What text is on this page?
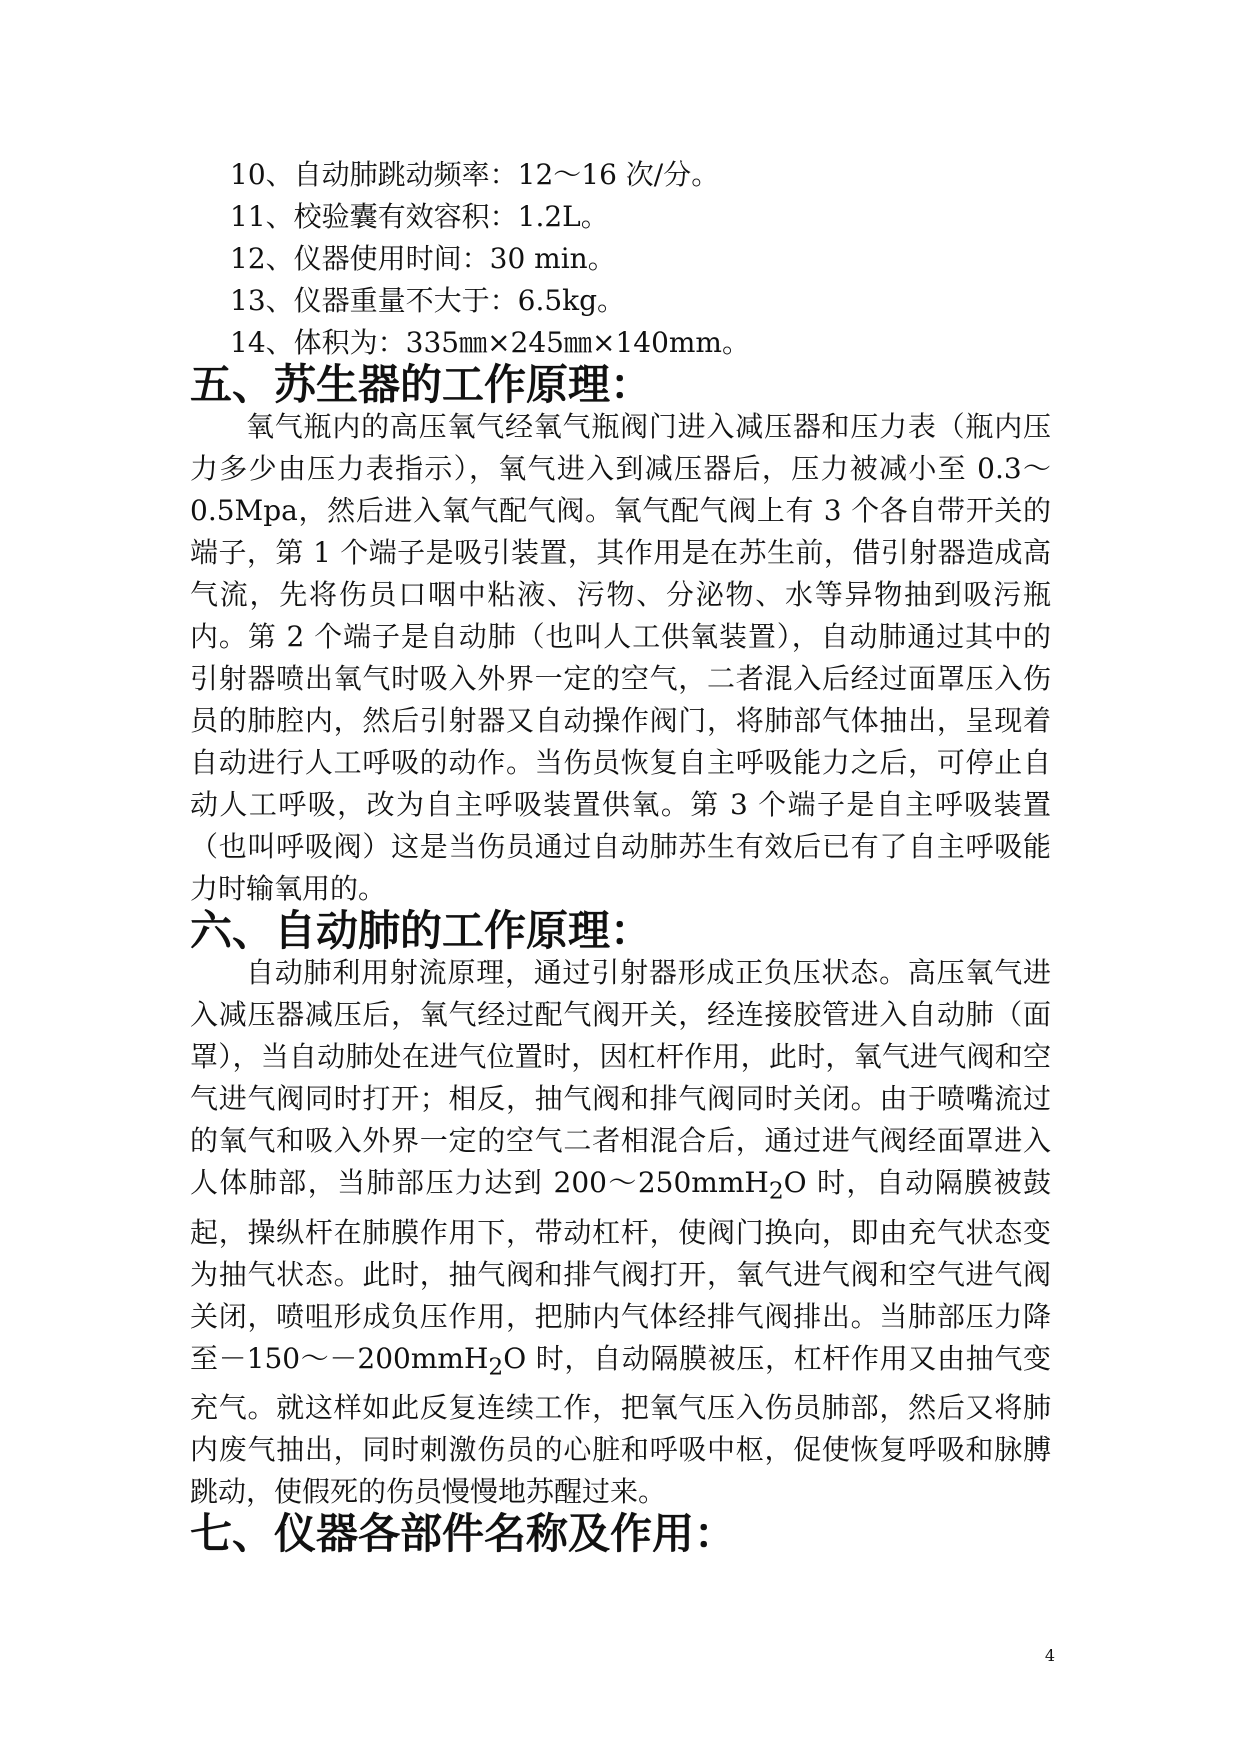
10、自动肺跳动频率：12～16 次/分。

11、校验囊有效容积：1.2L。

12、仪器使用时间：30 min。

13、仪器重量不大于：6.5kg。

14、体积为：335㎜×245㎜×140mm。

五、苏生器的工作原理：

氧气瓶内的高压氧气经氧气瓶阀门进入减压器和压力表（瓶内压力多少由压力表指示），氧气进入到减压器后，压力被减小至 0.3～0.5Mpa，然后进入氧气配气阀。氧气配气阀上有 3 个各自带开关的端子，第 1 个端子是吸引装置，其作用是在苏生前，借引射器造成高气流，先将伤员口咽中粘液、污物、分泌物、水等异物抽到吸污瓶内。第 2 个端子是自动肺（也叫人工供氧装置），自动肺通过其中的引射器喷出氧气时吸入外界一定的空气，二者混入后经过面罩压入伤员的肺腔内，然后引射器又自动操作阀门，将肺部气体抽出，呈现着自动进行人工呼吸的动作。当伤员恢复自主呼吸能力之后，可停止自动人工呼吸，改为自主呼吸装置供氧。第 3 个端子是自主呼吸装置（也叫呼吸阀）这是当伤员通过自动肺苏生有效后已有了自主呼吸能力时输氧用的。

六、自动肺的工作原理：

自动肺利用射流原理，通过引射器形成正负压状态。高压氧气进入减压器减压后，氧气经过配气阀开关，经连接胶管进入自动肺（面罩），当自动肺处在进气位置时，因杠杆作用，此时，氧气进气阀和空气进气阀同时打开；相反，抽气阀和排气阀同时关闭。由于喷嘴流过的氧气和吸入外界一定的空气二者相混合后，通过进气阀经面罩进入人体肺部，当肺部压力达到 200～250mmH$_2$O 时，自动隔膜被鼓起，操纵杆在肺膜作用下，带动杠杆，使阀门换向，即由充气状态变为抽气状态。此时，抽气阀和排气阀打开，氧气进气阀和空气进气阀关闭，喷咀形成负压作用，把肺内气体经排气阀排出。当肺部压力降至－150～－200mmH$_2$O 时，自动隔膜被压，杠杆作用又由抽气变充气。就这样如此反复连续工作，把氧气压入伤员肺部，然后又将肺内废气抽出，同时刺激伤员的心脏和呼吸中枢，促使恢复呼吸和脉膊跳动，使假死的伤员慢慢地苏醒过来。

七、仪器各部件名称及作用：
4
